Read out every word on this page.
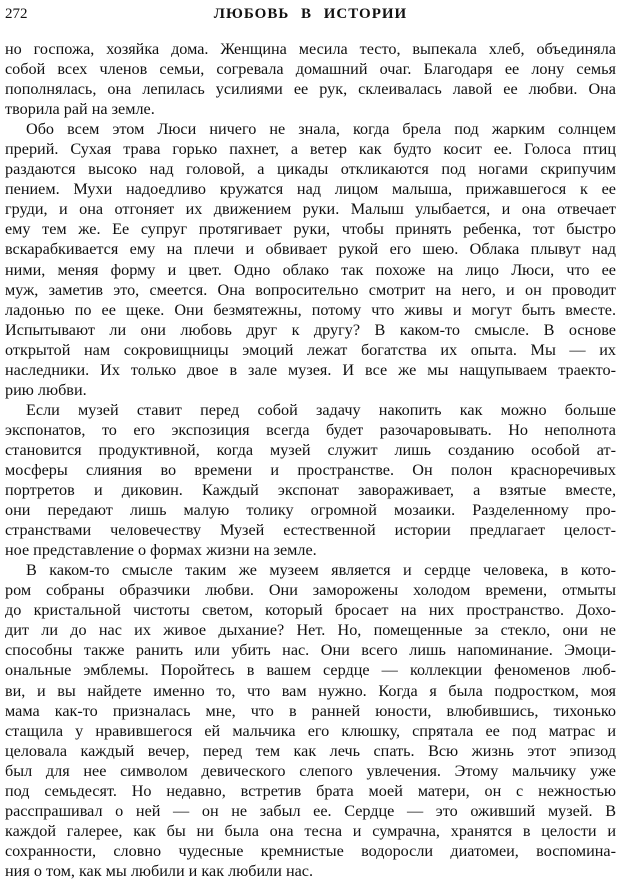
272	ЛЮБОВЬ В ИСТОРИИ
но госпожа, хозяйка дома. Женщина месила тесто, выпекала хлеб, объединяла
собой всех членов семьи, согревала домашний очаг. Благодаря ее лону семья
пополнялась, она лепилась усилиями ее рук, склеивалась лавой ее любви. Она
творила рай на земле.
Обо всем этом Люси ничего не знала, когда брела под жарким солнцем
прерий. Сухая трава горько пахнет, а ветер как будто косит ее. Голоса птиц
раздаются высоко над головой, а цикады откликаются под ногами скрипучим
пением. Мухи надоедливо кружатся над лицом малыша, прижавшегося к ее
груди, и она отгоняет их движением руки. Малыш улыбается, и она отвечает
ему тем же. Ее супруг протягивает руки, чтобы принять ребенка, тот быстро
вскарабкивается ему на плечи и обвивает рукой его шею. Облака плывут над
ними, меняя форму и цвет. Одно облако так похоже на лицо Люси, что ее
муж, заметив это, смеется. Она вопросительно смотрит на него, и он проводит
ладонью по ее щеке. Они безмятежны, потому что живы и могут быть вместе.
Испытывают ли они любовь друг к другу? В каком-то смысле. В основе
открытой нам сокровищницы эмоций лежат богатства их опыта. Мы — их
наследники. Их только двое в зале музея. И все же мы нащупываем траекто-
рию любви.
Если музей ставит перед собой задачу накопить как можно больше
экспонатов, то его экспозиция всегда будет разочаровывать. Но неполнота
становится продуктивной, когда музей служит лишь созданию особой ат-
мосферы слияния во времени и пространстве. Он полон красноречивых
портретов и диковин. Каждый экспонат завораживает, а взятые вместе,
они передают лишь малую толику огромной мозаики. Разделенному про-
странствами человечеству Музей естественной истории предлагает целост-
ное представление о формах жизни на земле.
В каком-то смысле таким же музеем является и сердце человека, в кото-
ром собраны образчики любви. Они заморожены холодом времени, отмыты
до кристальной чистоты светом, который бросает на них пространство. Дохо-
дит ли до нас их живое дыхание? Нет. Но, помещенные за стекло, они не
способны также ранить или убить нас. Они всего лишь напоминание. Эмоци-
ональные эмблемы. Поройтесь в вашем сердце — коллекции феноменов люб-
ви, и вы найдете именно то, что вам нужно. Когда я была подростком, моя
мама как-то призналась мне, что в ранней юности, влюбившись, тихонько
стащила у нравившегося ей мальчика его клюшку, спрятала ее под матрас и
целовала каждый вечер, перед тем как лечь спать. Всю жизнь этот эпизод
был для нее символом девического слепого увлечения. Этому мальчику уже
под семьдесят. Но недавно, встретив брата моей матери, он с нежностью
расспрашивал о ней — он не забыл ее. Сердце — это оживший музей. В
каждой галерее, как бы ни была она тесна и сумрачна, хранятся в целости и
сохранности, словно чудесные кремнистые водоросли диатомеи, воспомина-
ния о том, как мы любили и как любили нас.
